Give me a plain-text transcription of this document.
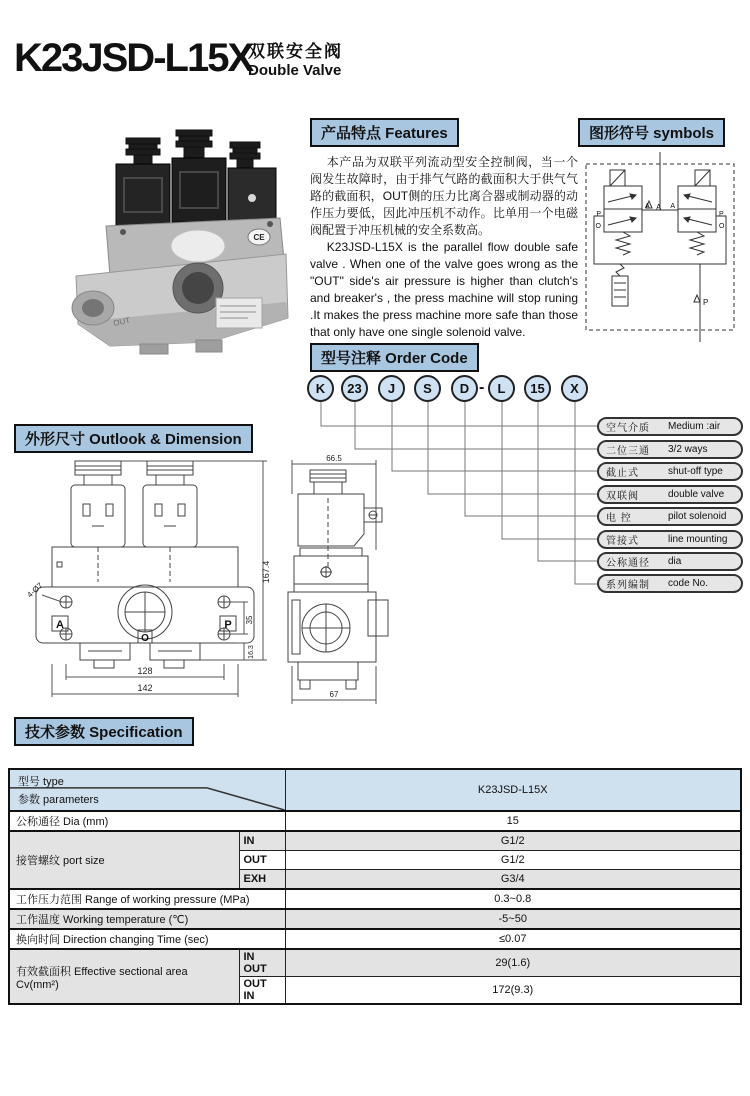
K23JSD-L15X
双联安全阀
Double Valve
CE
OUT
产品特点 Features

本产品为双联平列流动型安全控制阀，当一个阀发生故障时，由于排气气路的截面积大于供气气路的截面积，OUT侧的压力比离合器或制动器的动作压力要低，因此冲压机不动作。比单用一个电磁阀配置于冲压机械的安全系数高。

K23JSD-L15X is the parallel flow double safe valve . When one of the valve goes wrong as the "OUT" side's air pressure is higher than clutch's and breaker's , the press machine will stop runing .It makes the press machine more safe than those that only have one single solenoid valve.

图形符号 symbols
A
P
O
A
P
O
A
P
型号注释 Order Code
K 23 J S D - L 15 X
空气介质	Medium :air
二位三通	3/2 ways
截止式	shut-off type
双联阀	double valve
电 控	pilot solenoid
管接式	line mounting
公称通径	dia
系列编制	code No.
外形尺寸 Outlook & Dimension
167.4
35
16.3
128
142
4-Ø7
A	P
O
66.5
67
技术参数 Specification
型号 type
参数 parameters		K23JSD-L15X
公称通径 Dia (mm)		15
接管螺纹 port size	IN	G1/2
	OUT	G1/2
	EXH	G3/4
工作压力范围 Range of working pressure (MPa)		0.3~0.8
工作温度 Working temperature (℃)		-5~50
换向时间 Direction changing Time (sec)		≤0.07
有效截面积 Effective sectional area Cv(mm²)	IN OUT	29(1.6)
	OUT IN	172(9.3)
